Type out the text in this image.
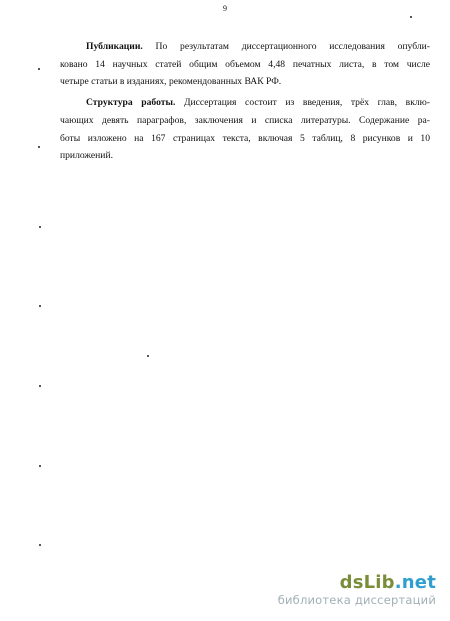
9
Публикации. По результатам диссертационного исследования опубли-
ковано 14 научных статей общим объемом 4,48 печатных листа, в том числе
четыре статьи в изданиях, рекомендованных ВАК РФ.
Структура работы. Диссертация состоит из введения, трёх глав, вклю-
чающих девять параграфов, заключения и списка литературы. Содержание ра-
боты изложено на 167 страницах текста, включая 5 таблиц, 8 рисунков и 10
приложений.
dsLib.net
библиотека диссертаций
